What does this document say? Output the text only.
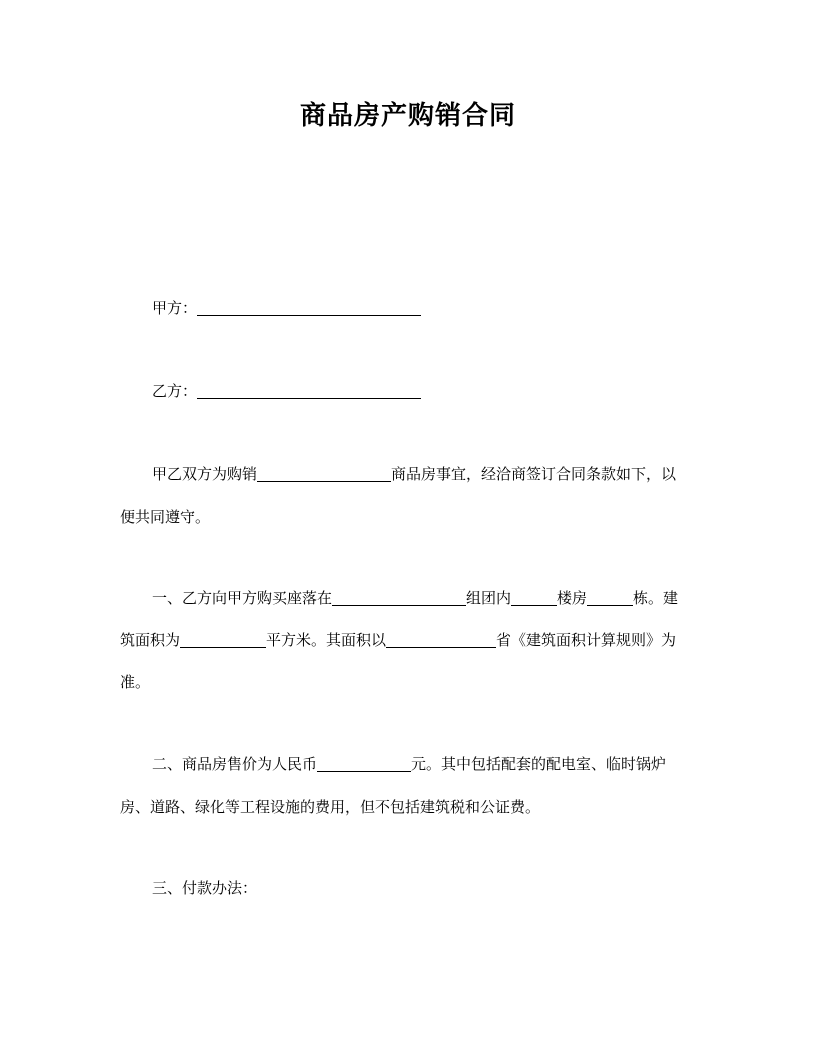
商品房产购销合同
甲方：
乙方：
甲乙双方为购销	商品房事宜，经洽商签订合同条款如下，以
便共同遵守。
一、乙方向甲方购买座落在	组团内	楼房	栋。建
筑面积为	平方米。其面积以	省《建筑面积计算规则》为
准。
二、商品房售价为人民币	元。其中包括配套的配电室、临时锅炉
房、道路、绿化等工程设施的费用，但不包括建筑税和公证费。
三、付款办法：
